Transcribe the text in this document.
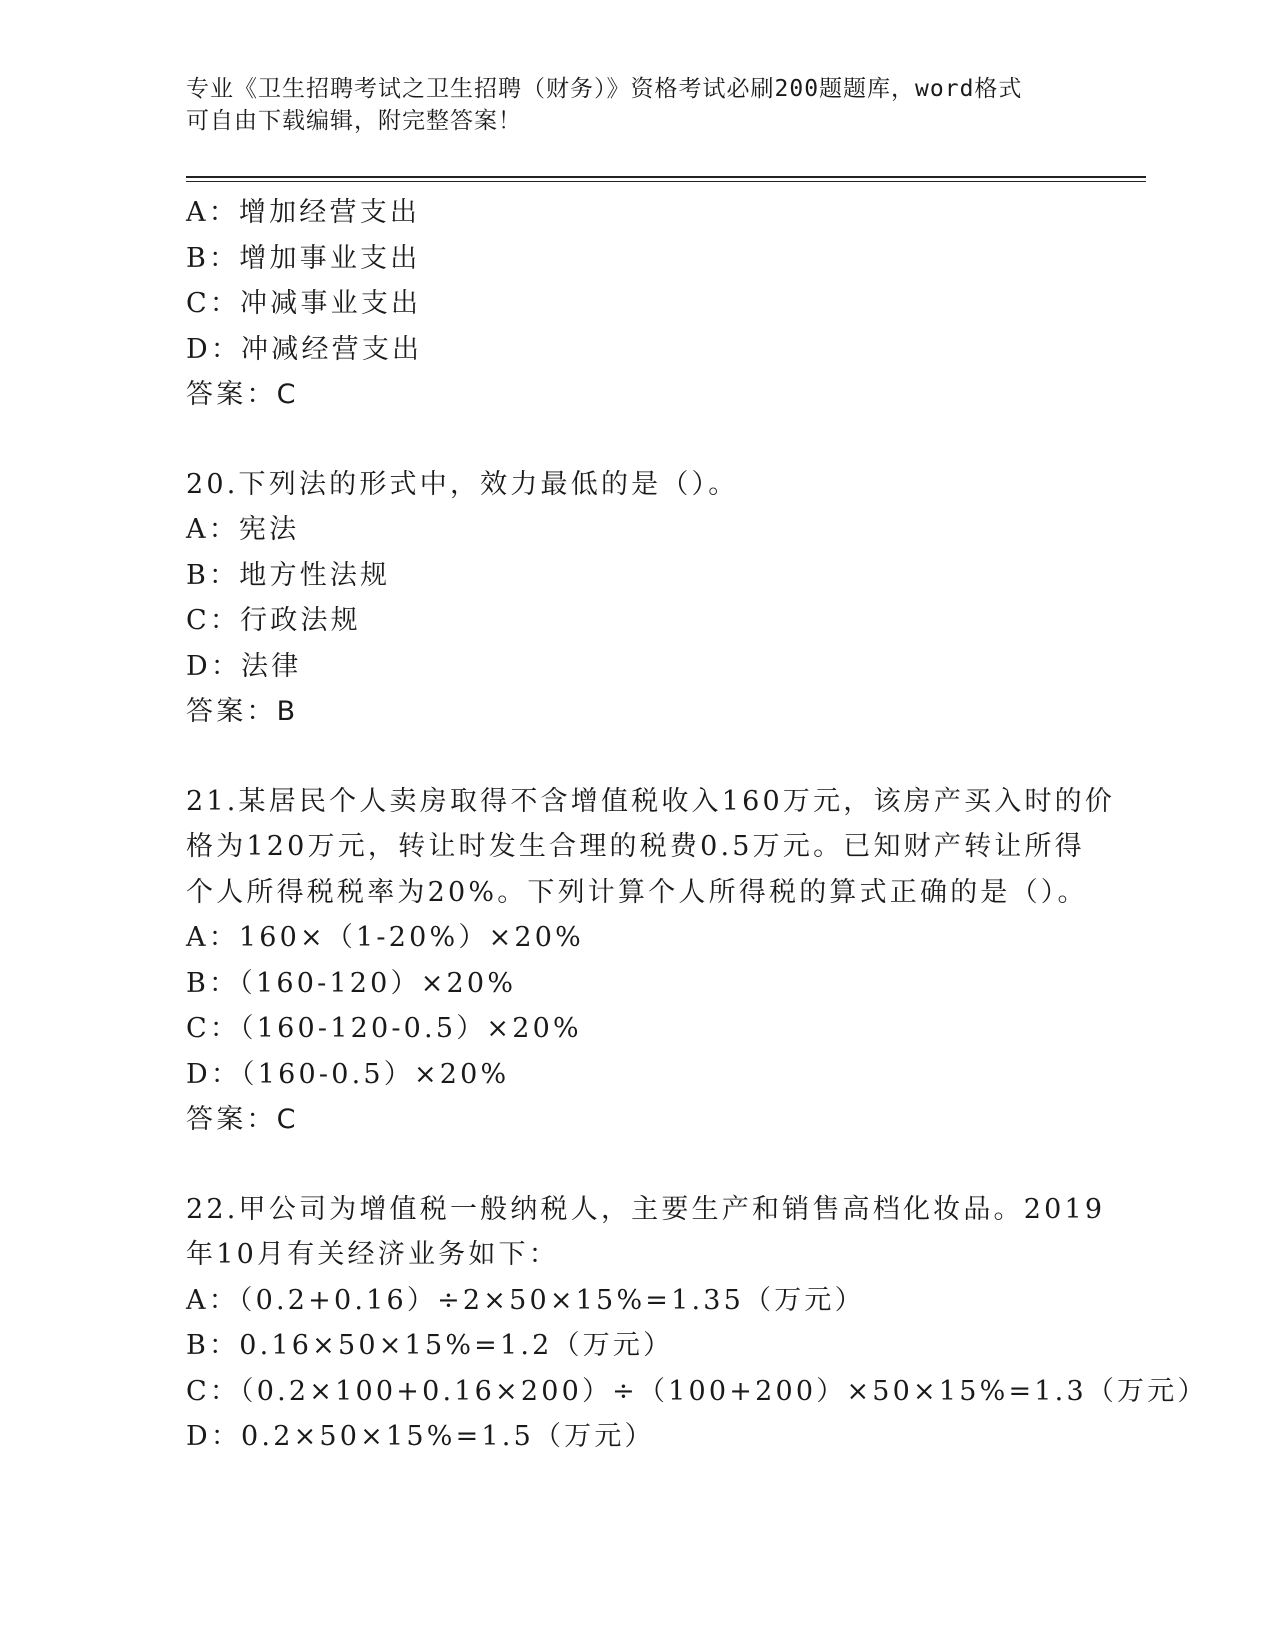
专业《卫生招聘考试之卫生招聘（财务）》资格考试必刷200题题库，word格式
可自由下载编辑，附完整答案！
A：增加经营支出
B：增加事业支出
C：冲减事业支出
D：冲减经营支出
答案：C
20.下列法的形式中，效力最低的是（）。
A：宪法
B：地方性法规
C：行政法规
D：法律
答案：B
21.某居民个人卖房取得不含增值税收入160万元，该房产买入时的价
格为120万元，转让时发生合理的税费0.5万元。已知财产转让所得
个人所得税税率为20%。下列计算个人所得税的算式正确的是（）。
A：160×（1-20%）×20%
B：（160-120）×20%
C：（160-120-0.5）×20%
D：（160-0.5）×20%
答案：C
22.甲公司为增值税一般纳税人，主要生产和销售高档化妆品。2019
年10月有关经济业务如下：
A：（0.2+0.16）÷2×50×15%=1.35（万元）
B：0.16×50×15%=1.2（万元）
C：（0.2×100+0.16×200）÷（100+200）×50×15%=1.3（万元）
D：0.2×50×15%=1.5（万元）
